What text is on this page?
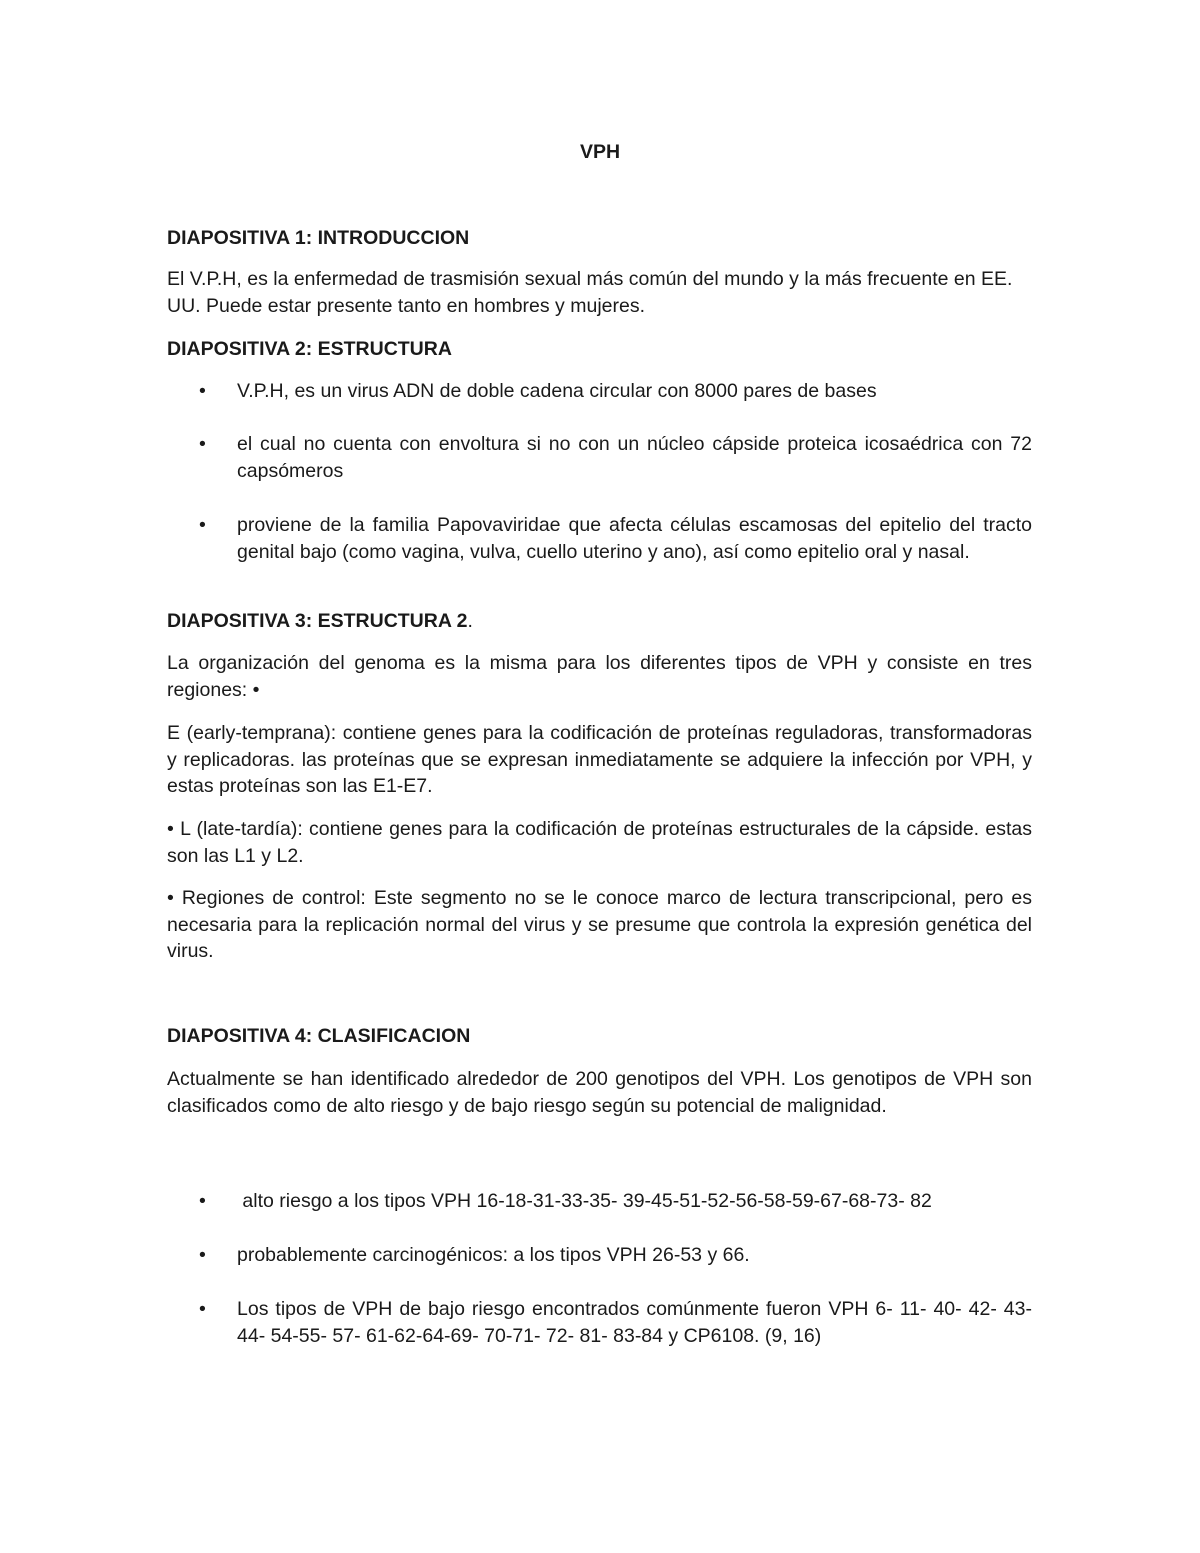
VPH

DIAPOSITIVA 1: INTRODUCCION

El V.P.H, es la enfermedad de trasmisión sexual más común del mundo y la más frecuente en EE. UU. Puede estar presente tanto en hombres y mujeres.

DIAPOSITIVA 2: ESTRUCTURA

• V.P.H, es un virus ADN de doble cadena circular con 8000 pares de bases

• el cual no cuenta con envoltura si no con un núcleo cápside proteica icosaédrica con 72 capsómeros

• proviene de la familia Papovaviridae que afecta células escamosas del epitelio del tracto genital bajo (como vagina, vulva, cuello uterino y ano), así como epitelio oral y nasal.

DIAPOSITIVA 3: ESTRUCTURA 2.

La organización del genoma es la misma para los diferentes tipos de VPH y consiste en tres regiones: •

E (early-temprana): contiene genes para la codificación de proteínas reguladoras, transformadoras y replicadoras. las proteínas que se expresan inmediatamente se adquiere la infección por VPH, y estas proteínas son las E1-E7.

• L (late-tardía): contiene genes para la codificación de proteínas estructurales de la cápside. estas son las L1 y L2.

• Regiones de control: Este segmento no se le conoce marco de lectura transcripcional, pero es necesaria para la replicación normal del virus y se presume que controla la expresión genética del virus.

DIAPOSITIVA 4: CLASIFICACION

Actualmente se han identificado alrededor de 200 genotipos del VPH. Los genotipos de VPH son clasificados como de alto riesgo y de bajo riesgo según su potencial de malignidad.

• alto riesgo a los tipos VPH 16-18-31-33-35- 39-45-51-52-56-58-59-67-68-73- 82

• probablemente carcinogénicos: a los tipos VPH 26-53 y 66.

• Los tipos de VPH de bajo riesgo encontrados comúnmente fueron VPH 6- 11- 40- 42- 43- 44- 54-55- 57- 61-62-64-69- 70-71- 72- 81- 83-84 y CP6108. (9, 16)
